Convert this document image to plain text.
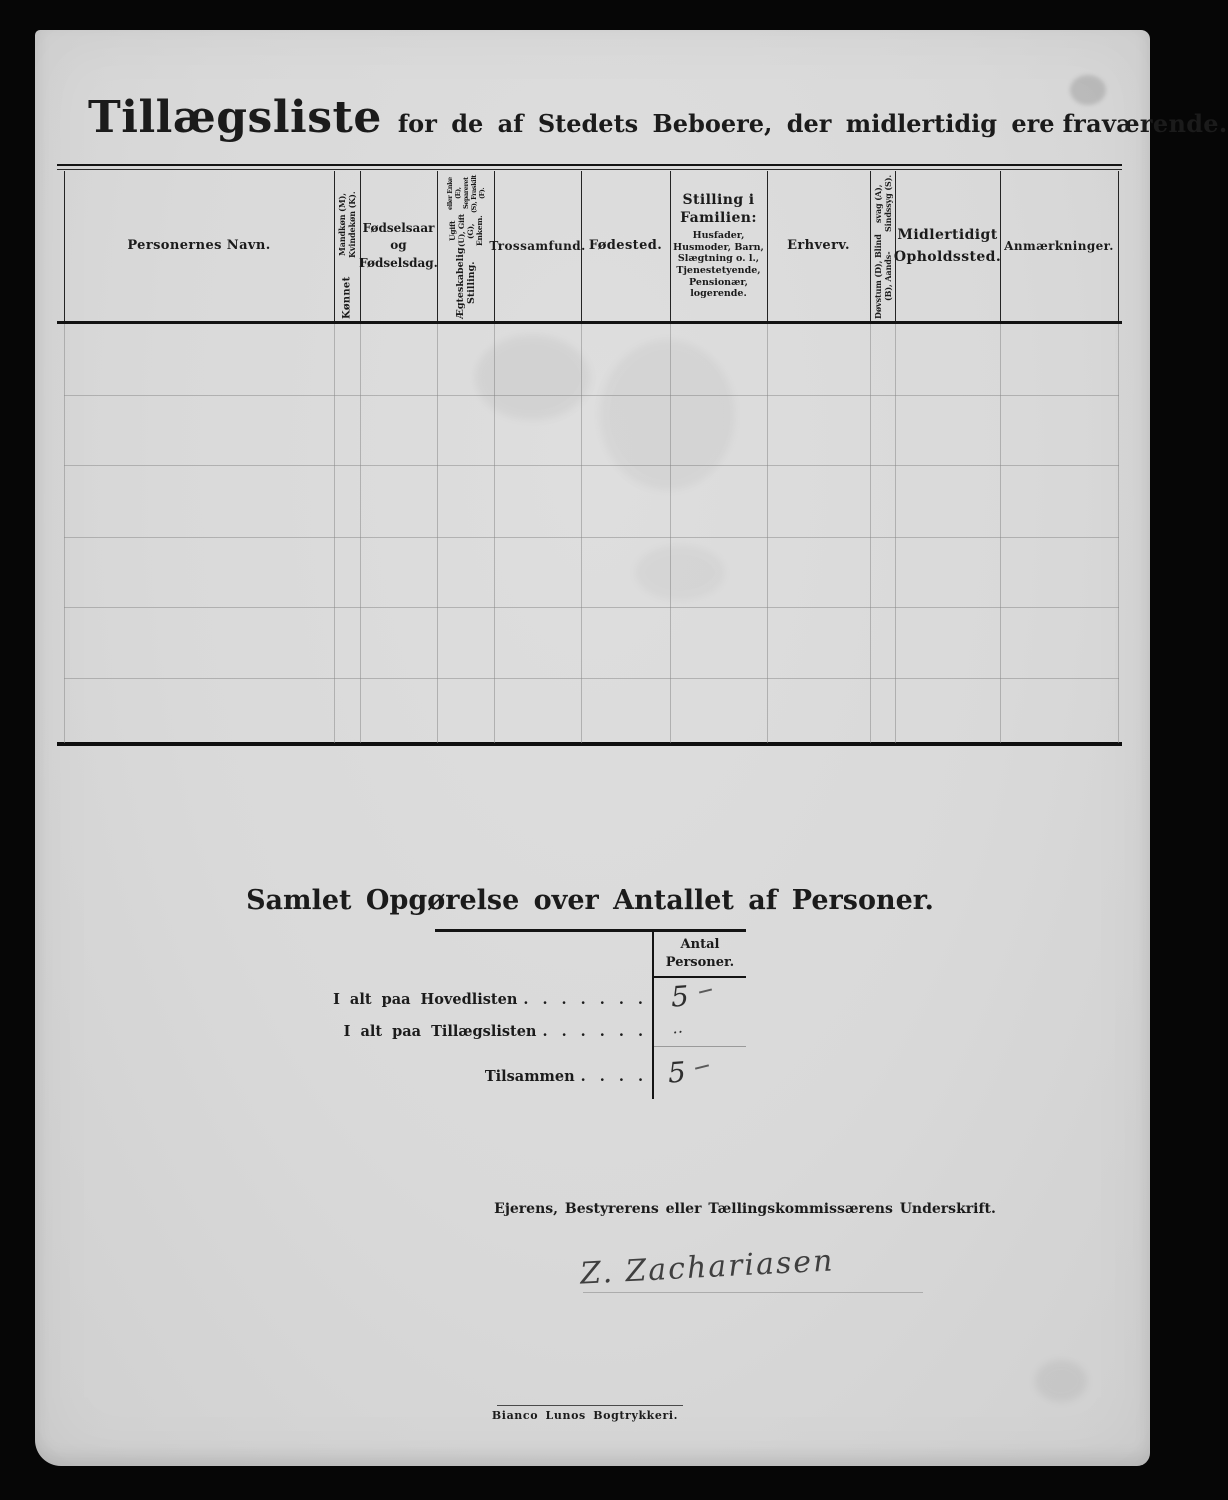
Tillægsliste for de af Stedets Beboere, der midlertidig ere fraværende.
Personernes Navn.
Kønnet
Mandkøn (M), Kvindekøn (K). Fødselsaar
og
Fødselsdag. Ægteskabelig Stilling.
Ugift (U), Gift (G), Enkem.
eller Enke (E), Separeret (S), Fraskilt (F).
Trossamfund. Fødested.
Stilling i Familien:
Husfader, Husmoder, Barn, Slægtning o. l., Tjenestetyende, Pensionær, logerende.
Erhverv.	Døvstum (D), Blind (B), Aands-
svag (A), Sindssyg (S).
Midlertidigt Opholdssted.
Anmærkninger.
Samlet Opgørelse over Antallet af Personer.
Antal
Personer.
I alt paa Hovedlisten . . . . . . . 5
I alt paa Tillægslisten . . . . . . ‥
Tilsammen . . . . 5
Ejerens, Bestyrerens eller Tællingskommissærens Underskrift.
Z. Zachariasen
Bianco Lunos Bogtrykkeri.
